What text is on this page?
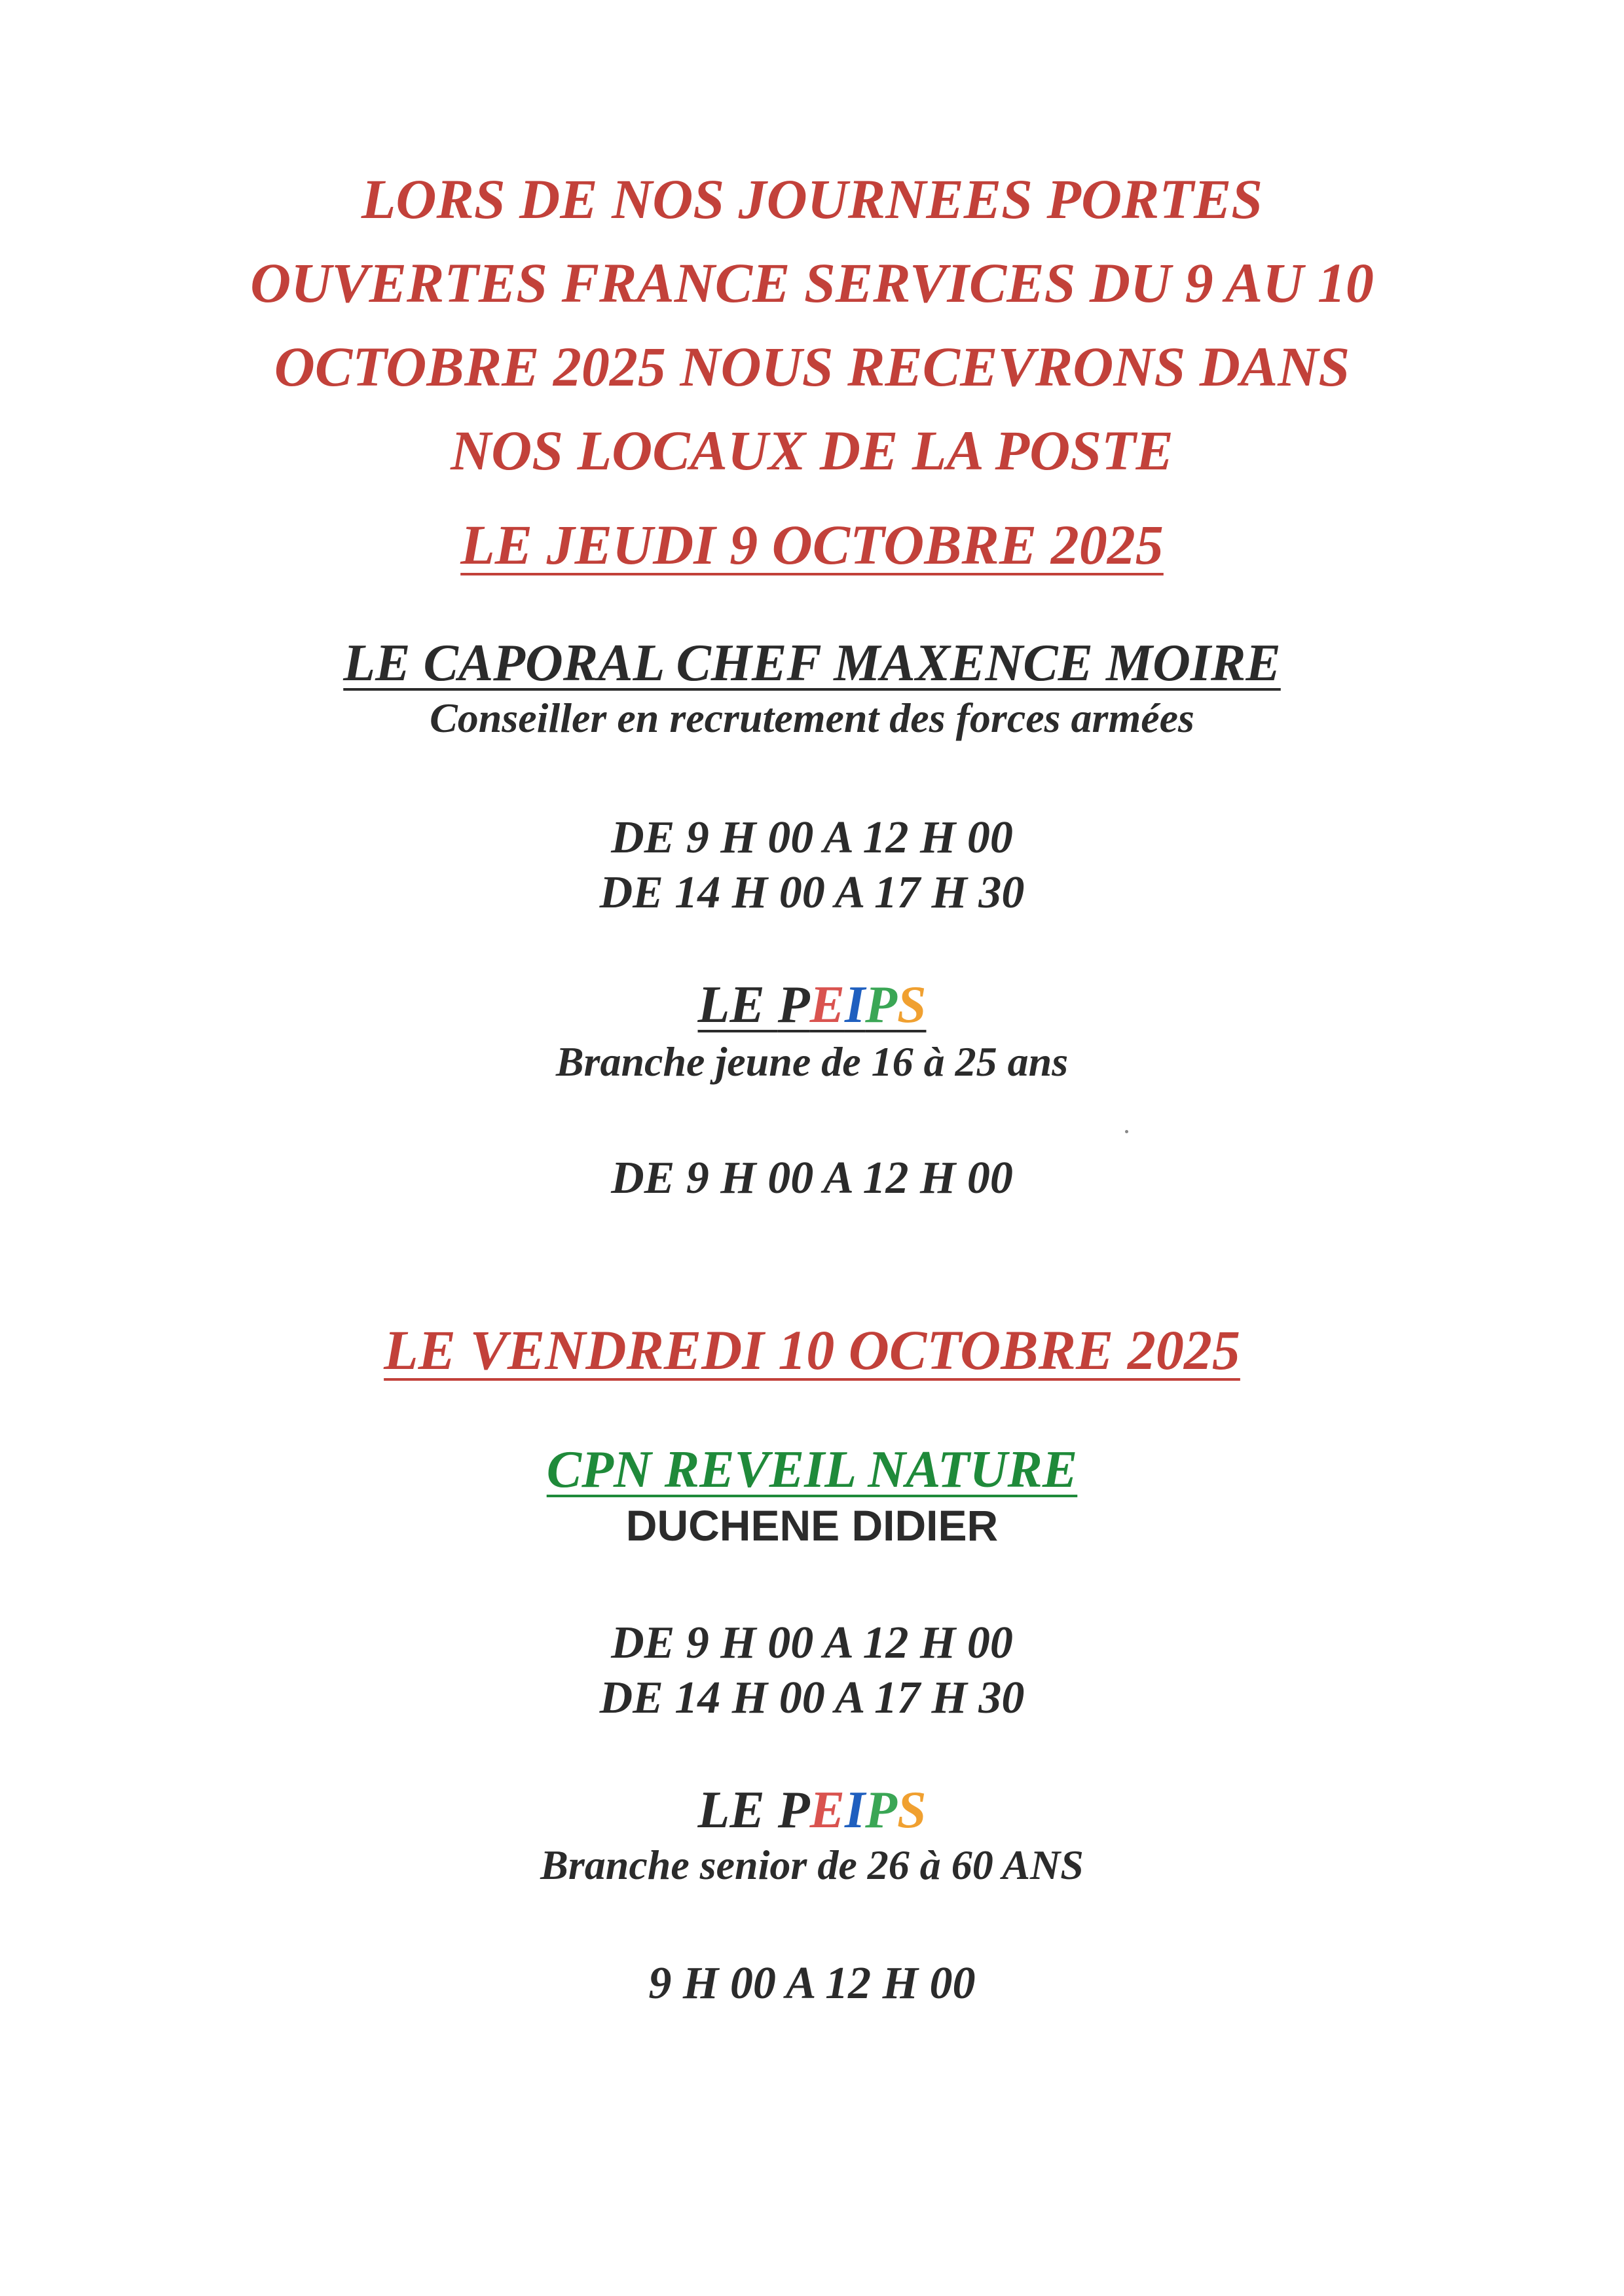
LORS DE NOS JOURNEES PORTES
OUVERTES FRANCE SERVICES DU 9 AU 10
OCTOBRE 2025 NOUS RECEVRONS DANS
NOS LOCAUX DE LA POSTE
LE JEUDI 9 OCTOBRE 2025
LE CAPORAL CHEF MAXENCE MOIRE
Conseiller en recrutement des forces armées
DE 9 H 00 A 12 H 00
DE 14 H 00 A 17 H 30
LE PEIPS
Branche jeune de 16 à 25 ans
DE 9 H 00 A 12 H 00
LE VENDREDI 10 OCTOBRE 2025
CPN REVEIL NATURE
DUCHENE DIDIER
DE 9 H 00 A 12 H 00
DE 14 H 00 A 17 H 30
LE PEIPS
Branche senior de 26 à 60 ANS
9 H 00 A 12 H 00
